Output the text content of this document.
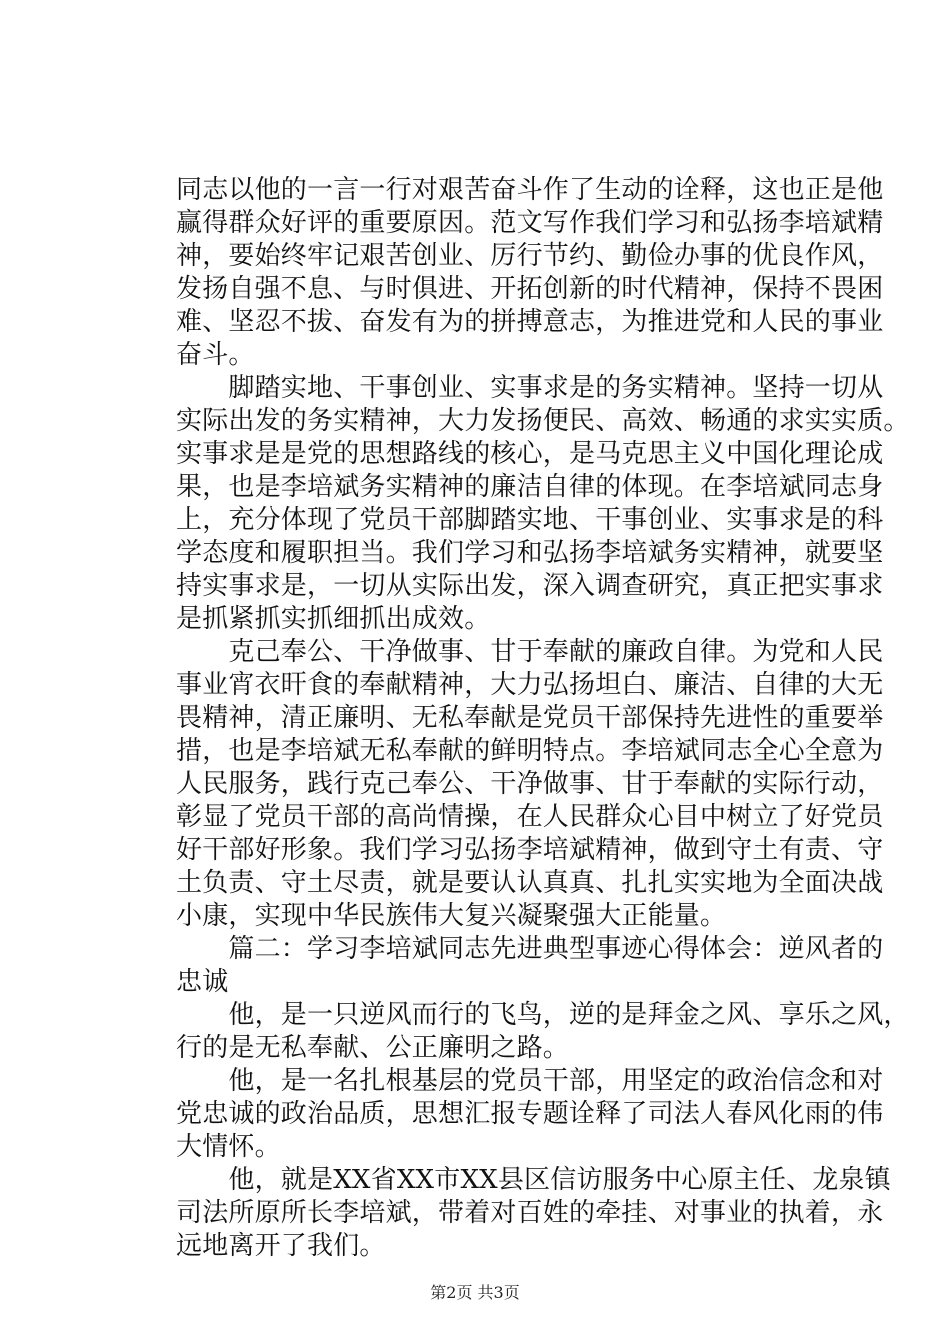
同志以他的一言一行对艰苦奋斗作了生动的诠释，这也正是他
赢得群众好评的重要原因。范文写作我们学习和弘扬李培斌精
神，要始终牢记艰苦创业、厉行节约、勤俭办事的优良作风，
发扬自强不息、与时俱进、开拓创新的时代精神，保持不畏困
难、坚忍不拔、奋发有为的拼搏意志，为推进党和人民的事业
奋斗。
　　脚踏实地、干事创业、实事求是的务实精神。坚持一切从
实际出发的务实精神，大力发扬便民、高效、畅通的求实实质。
实事求是是党的思想路线的核心，是马克思主义中国化理论成
果，也是李培斌务实精神的廉洁自律的体现。在李培斌同志身
上，充分体现了党员干部脚踏实地、干事创业、实事求是的科
学态度和履职担当。我们学习和弘扬李培斌务实精神，就要坚
持实事求是，一切从实际出发，深入调查研究，真正把实事求
是抓紧抓实抓细抓出成效。
　　克己奉公、干净做事、甘于奉献的廉政自律。为党和人民
事业宵衣旰食的奉献精神，大力弘扬坦白、廉洁、自律的大无
畏精神，清正廉明、无私奉献是党员干部保持先进性的重要举
措，也是李培斌无私奉献的鲜明特点。李培斌同志全心全意为
人民服务，践行克己奉公、干净做事、甘于奉献的实际行动，
彰显了党员干部的高尚情操，在人民群众心目中树立了好党员
好干部好形象。我们学习弘扬李培斌精神，做到守土有责、守
土负责、守土尽责，就是要认认真真、扎扎实实地为全面决战
小康，实现中华民族伟大复兴凝聚强大正能量。
　　篇二：学习李培斌同志先进典型事迹心得体会：逆风者的
忠诚
　　他，是一只逆风而行的飞鸟，逆的是拜金之风、享乐之风，
行的是无私奉献、公正廉明之路。
　　他，是一名扎根基层的党员干部，用坚定的政治信念和对
党忠诚的政治品质，思想汇报专题诠释了司法人春风化雨的伟
大情怀。
　　他，就是XX省XX市XX县区信访服务中心原主任、龙泉镇
司法所原所长李培斌，带着对百姓的牵挂、对事业的执着，永
远地离开了我们。
第2页 共3页
